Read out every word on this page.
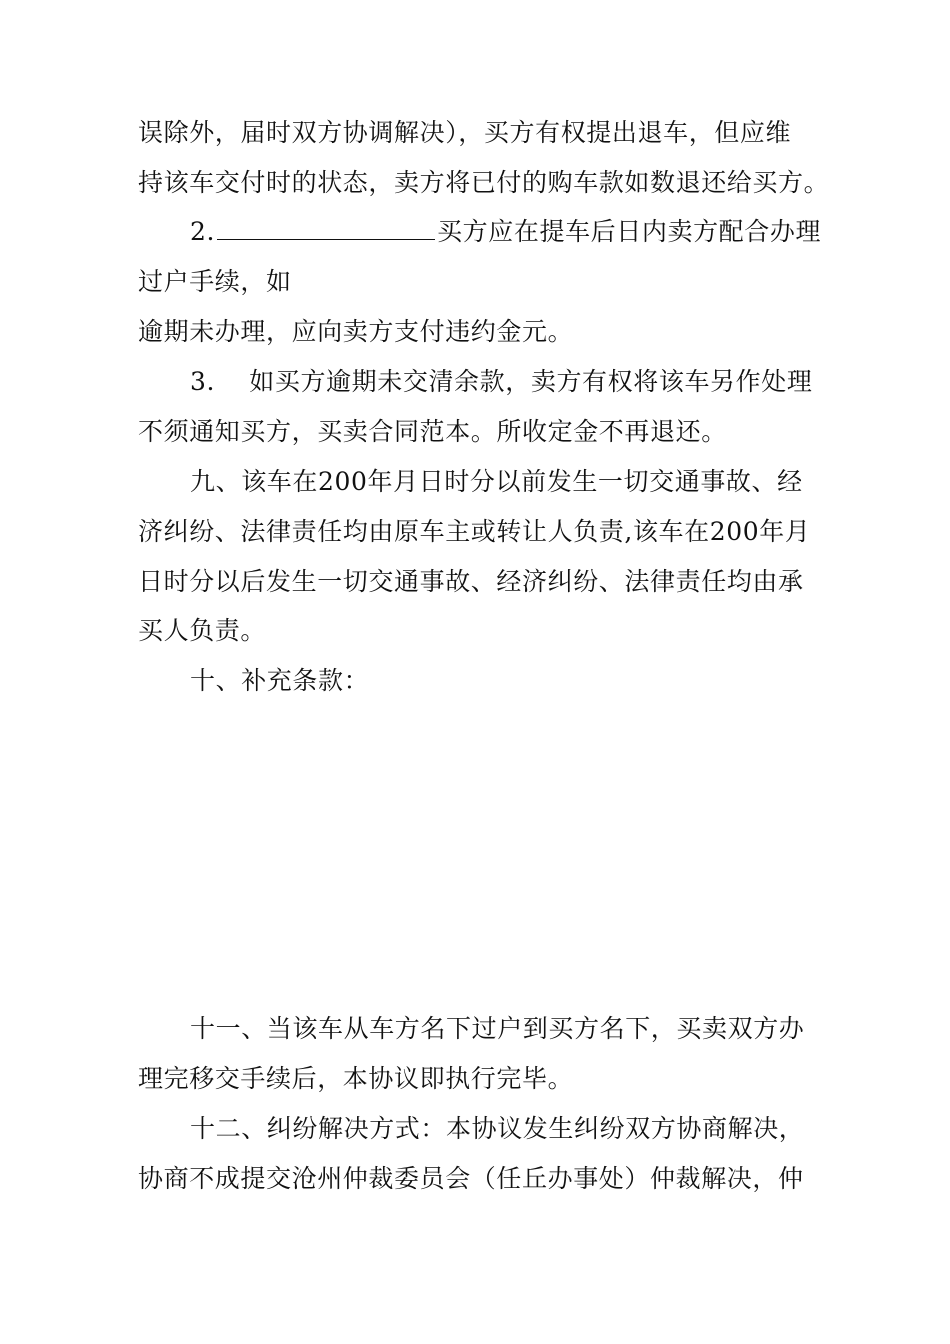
误除外，届时双方协调解决），买方有权提出退车，但应维
持该车交付时的状态，卖方将已付的购车款如数退还给买方。
2.	买方应在提车后日内卖方配合办理
过户手续，如
逾期未办理，应向卖方支付违约金元。
3.    如买方逾期未交清余款，卖方有权将该车另作处理
不须通知买方，买卖合同范本。所收定金不再退还。
九、该车在200年月日时分以前发生一切交通事故、经
济纠纷、法律责任均由原车主或转让人负责,该车在200年月
日时分以后发生一切交通事故、经济纠纷、法律责任均由承
买人负责。
十、补充条款：
十一、当该车从车方名下过户到买方名下，买卖双方办
理完移交手续后，本协议即执行完毕。
十二、纠纷解决方式：本协议发生纠纷双方协商解决，
协商不成提交沧州仲裁委员会（任丘办事处）仲裁解决，仲
